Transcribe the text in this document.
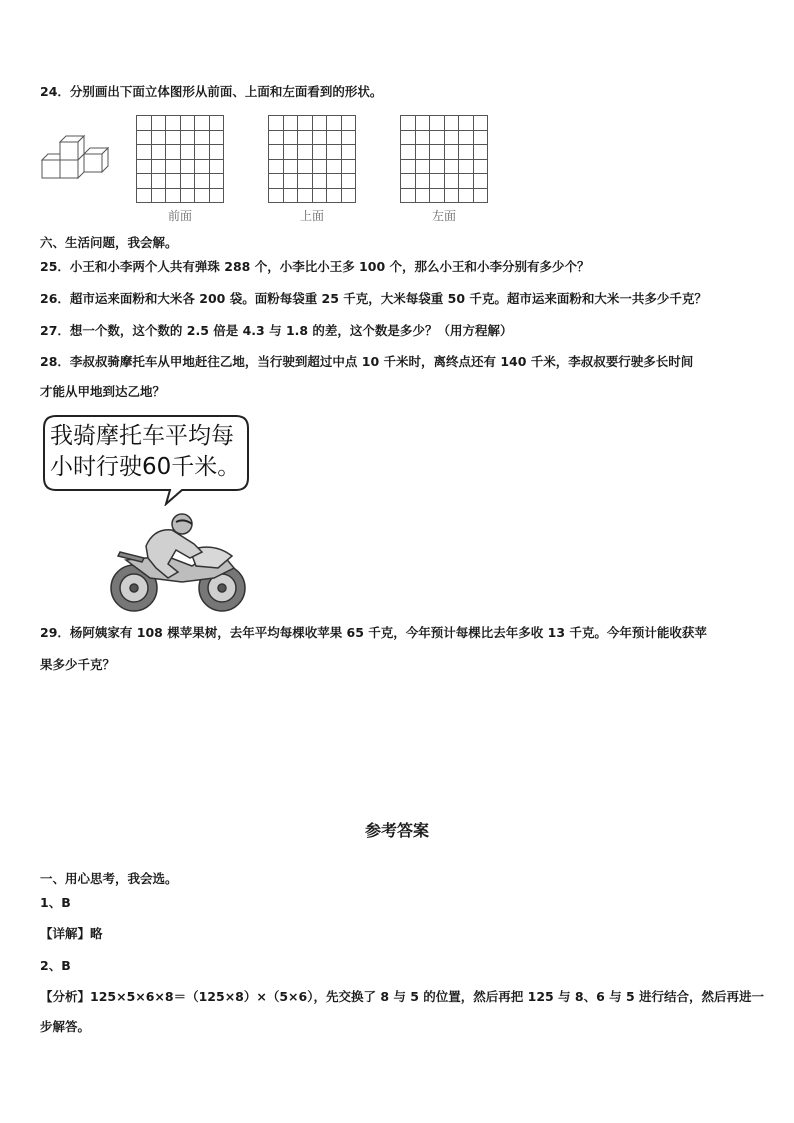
24．分别画出下面立体图形从前面、上面和左面看到的形状。
前面	上面	左面
六、生活问题，我会解。
25．小王和小李两个人共有弹珠 288 个，小李比小王多 100 个，那么小王和小李分别有多少个？
26．超市运来面粉和大米各 200 袋。面粉每袋重 25 千克，大米每袋重 50 千克。超市运来面粉和大米一共多少千克？
27．想一个数，这个数的 2.5 倍是 4.3 与 1.8 的差，这个数是多少？（用方程解）
28．李叔叔骑摩托车从甲地赶往乙地，当行驶到超过中点 10 千米时，离终点还有 140 千米，李叔叔要行驶多长时间
才能从甲地到达乙地？
我骑摩托车平均每
小时行驶60千米。
29．杨阿姨家有 108 棵苹果树，去年平均每棵收苹果 65 千克，今年预计每棵比去年多收 13 千克。今年预计能收获苹
果多少千克？
参考答案
一、用心思考，我会选。
1、B
【详解】略
2、B
【分析】125×5×6×8＝（125×8）×（5×6），先交换了 8 与 5 的位置，然后再把 125 与 8、6 与 5 进行结合，然后再进一
步解答。
